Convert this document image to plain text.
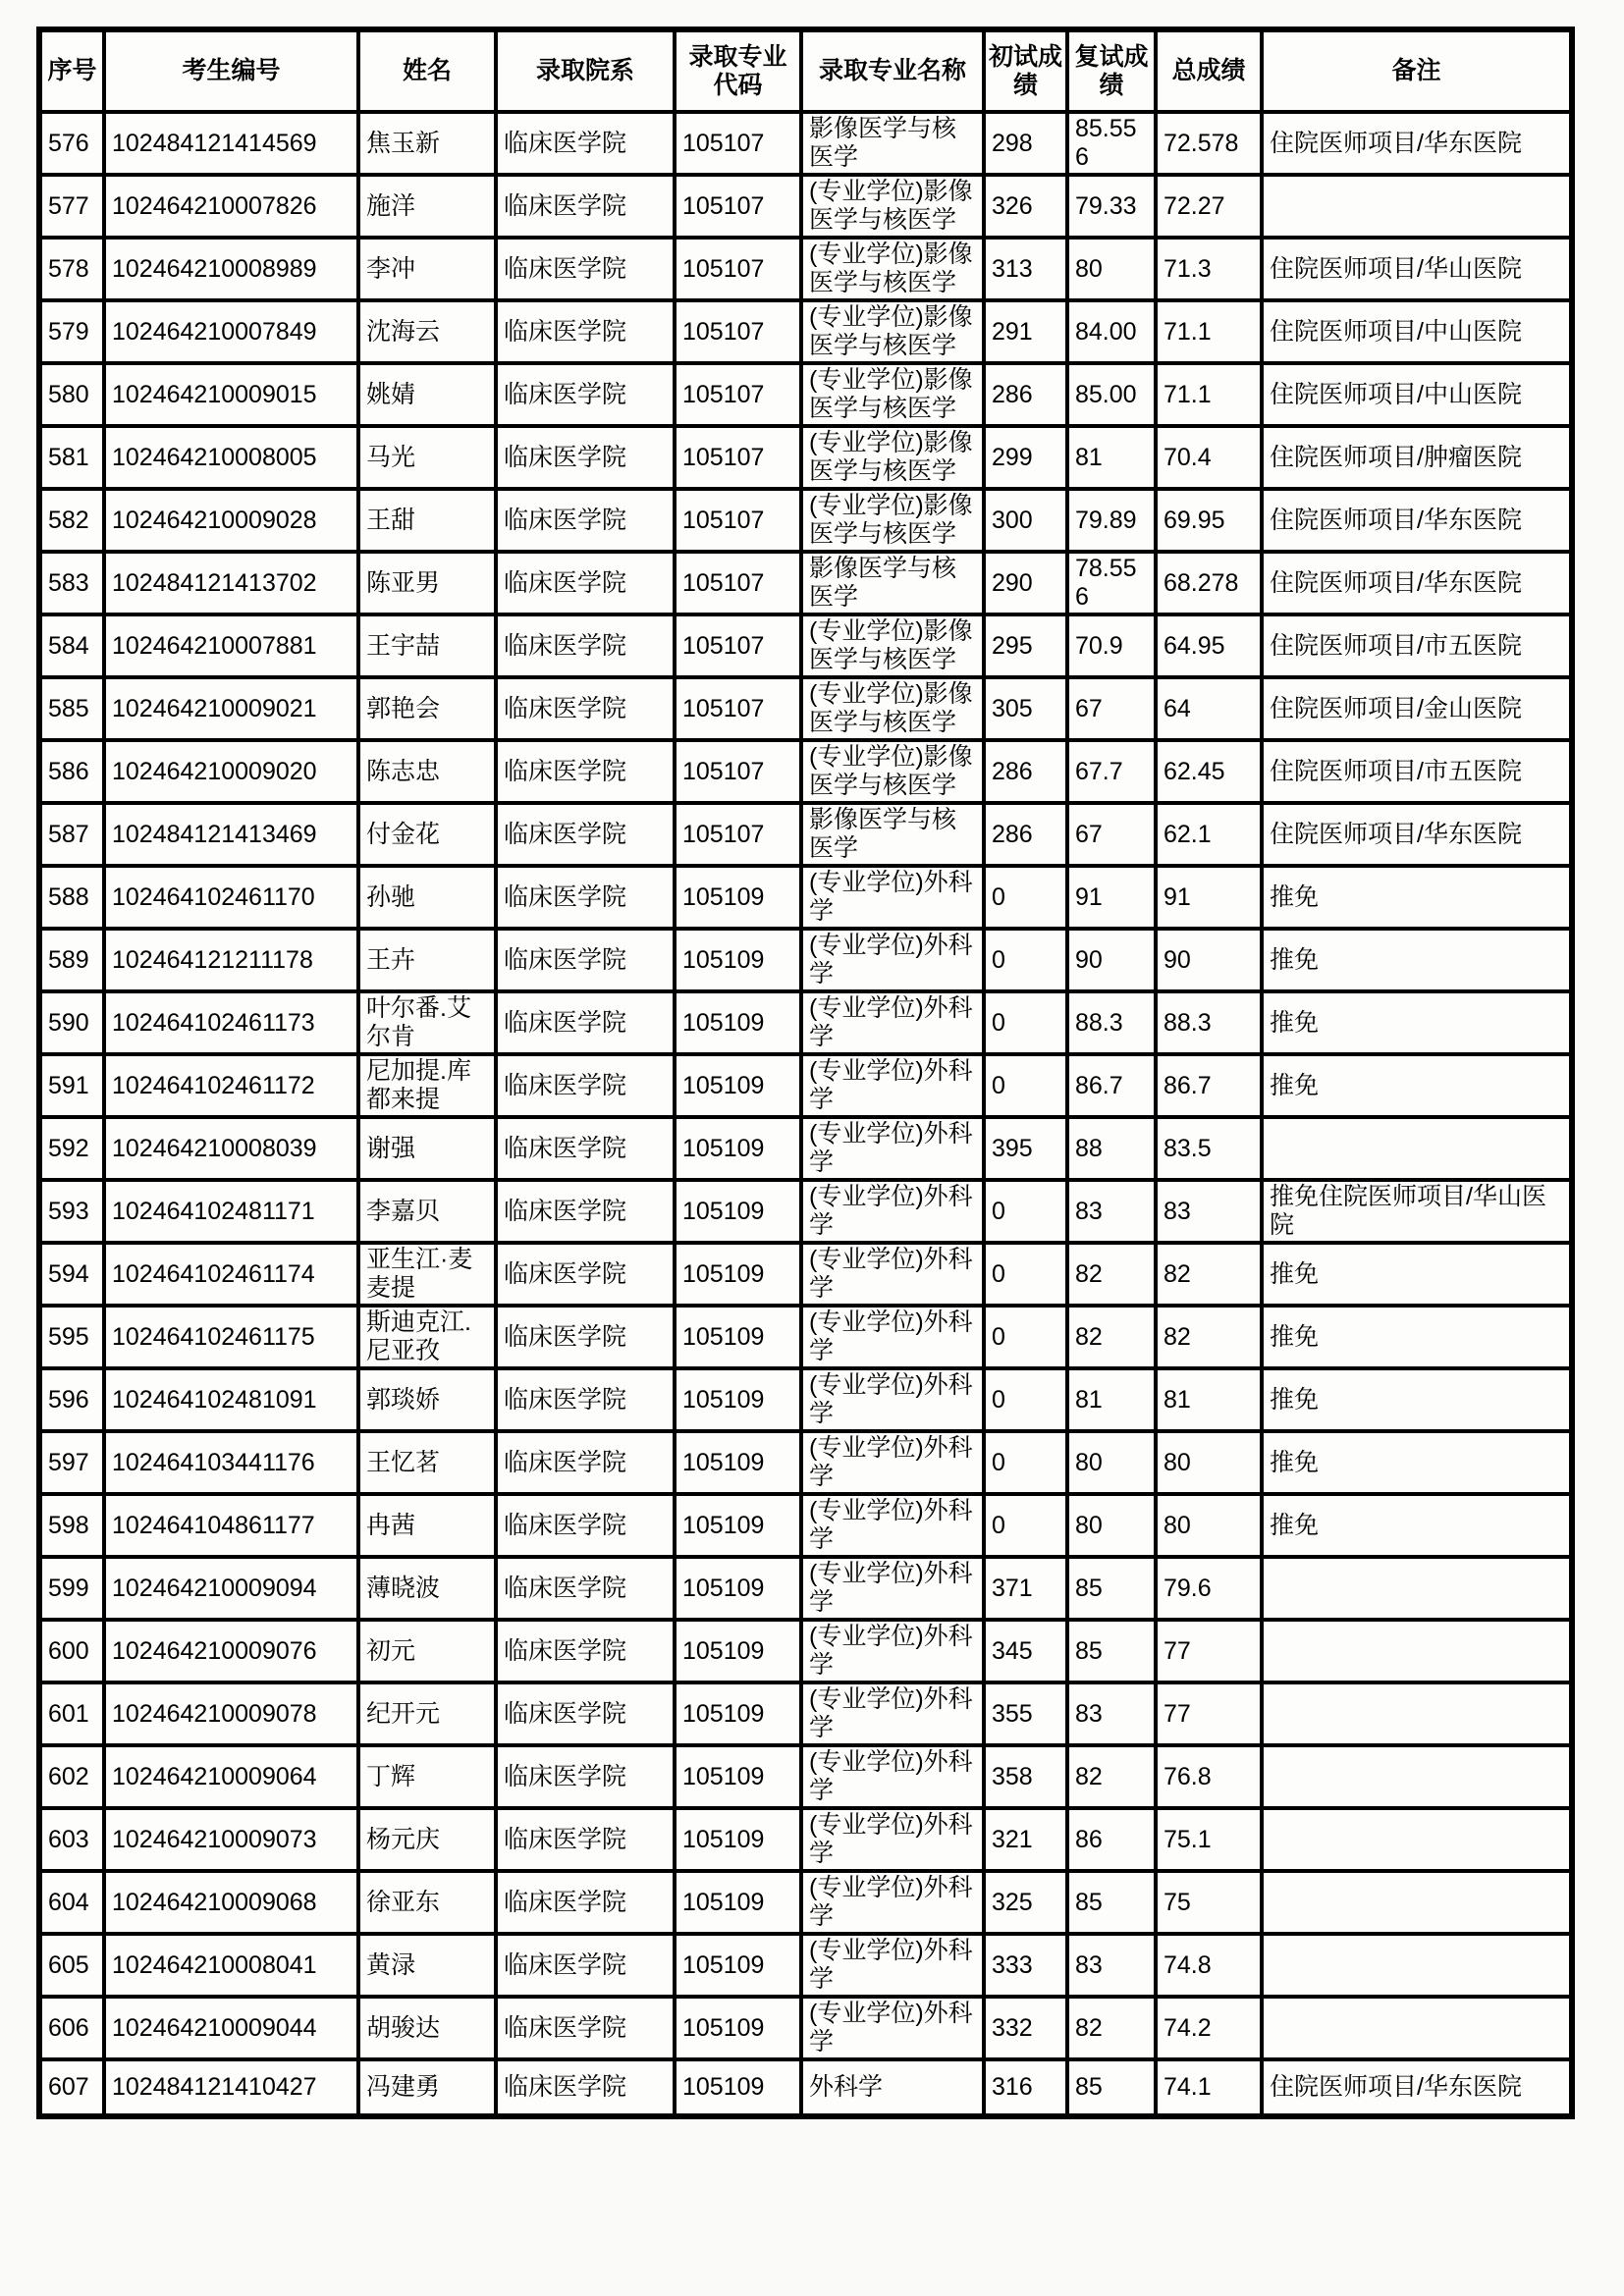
序号	考生编号	姓名	录取院系	录取专业代码	录取专业名称	初试成绩	复试成绩	总成绩	备注
576	102484121414569	焦玉新	临床医学院	105107	影像医学与核医学	298	85.556	72.578	住院医师项目/华东医院
577	102464210007826	施洋	临床医学院	105107	(专业学位)影像医学与核医学	326	79.33	72.27	
578	102464210008989	李冲	临床医学院	105107	(专业学位)影像医学与核医学	313	80	71.3	住院医师项目/华山医院
579	102464210007849	沈海云	临床医学院	105107	(专业学位)影像医学与核医学	291	84.00	71.1	住院医师项目/中山医院
580	102464210009015	姚婧	临床医学院	105107	(专业学位)影像医学与核医学	286	85.00	71.1	住院医师项目/中山医院
581	102464210008005	马光	临床医学院	105107	(专业学位)影像医学与核医学	299	81	70.4	住院医师项目/肿瘤医院
582	102464210009028	王甜	临床医学院	105107	(专业学位)影像医学与核医学	300	79.89	69.95	住院医师项目/华东医院
583	102484121413702	陈亚男	临床医学院	105107	影像医学与核医学	290	78.556	68.278	住院医师项目/华东医院
584	102464210007881	王宇喆	临床医学院	105107	(专业学位)影像医学与核医学	295	70.9	64.95	住院医师项目/市五医院
585	102464210009021	郭艳会	临床医学院	105107	(专业学位)影像医学与核医学	305	67	64	住院医师项目/金山医院
586	102464210009020	陈志忠	临床医学院	105107	(专业学位)影像医学与核医学	286	67.7	62.45	住院医师项目/市五医院
587	102484121413469	付金花	临床医学院	105107	影像医学与核医学	286	67	62.1	住院医师项目/华东医院
588	102464102461170	孙驰	临床医学院	105109	(专业学位)外科学	0	91	91	推免
589	102464121211178	王卉	临床医学院	105109	(专业学位)外科学	0	90	90	推免
590	102464102461173	叶尔番.艾尔肯	临床医学院	105109	(专业学位)外科学	0	88.3	88.3	推免
591	102464102461172	尼加提.库都来提	临床医学院	105109	(专业学位)外科学	0	86.7	86.7	推免
592	102464210008039	谢强	临床医学院	105109	(专业学位)外科学	395	88	83.5	
593	102464102481171	李嘉贝	临床医学院	105109	(专业学位)外科学	0	83	83	推免住院医师项目/华山医院
594	102464102461174	亚生江·麦麦提	临床医学院	105109	(专业学位)外科学	0	82	82	推免
595	102464102461175	斯迪克江.尼亚孜	临床医学院	105109	(专业学位)外科学	0	82	82	推免
596	102464102481091	郭琰娇	临床医学院	105109	(专业学位)外科学	0	81	81	推免
597	102464103441176	王忆茗	临床医学院	105109	(专业学位)外科学	0	80	80	推免
598	102464104861177	冉茜	临床医学院	105109	(专业学位)外科学	0	80	80	推免
599	102464210009094	薄晓波	临床医学院	105109	(专业学位)外科学	371	85	79.6	
600	102464210009076	初元	临床医学院	105109	(专业学位)外科学	345	85	77	
601	102464210009078	纪开元	临床医学院	105109	(专业学位)外科学	355	83	77	
602	102464210009064	丁辉	临床医学院	105109	(专业学位)外科学	358	82	76.8	
603	102464210009073	杨元庆	临床医学院	105109	(专业学位)外科学	321	86	75.1	
604	102464210009068	徐亚东	临床医学院	105109	(专业学位)外科学	325	85	75	
605	102464210008041	黄渌	临床医学院	105109	(专业学位)外科学	333	83	74.8	
606	102464210009044	胡骏达	临床医学院	105109	(专业学位)外科学	332	82	74.2	
607	102484121410427	冯建勇	临床医学院	105109	外科学	316	85	74.1	住院医师项目/华东医院
